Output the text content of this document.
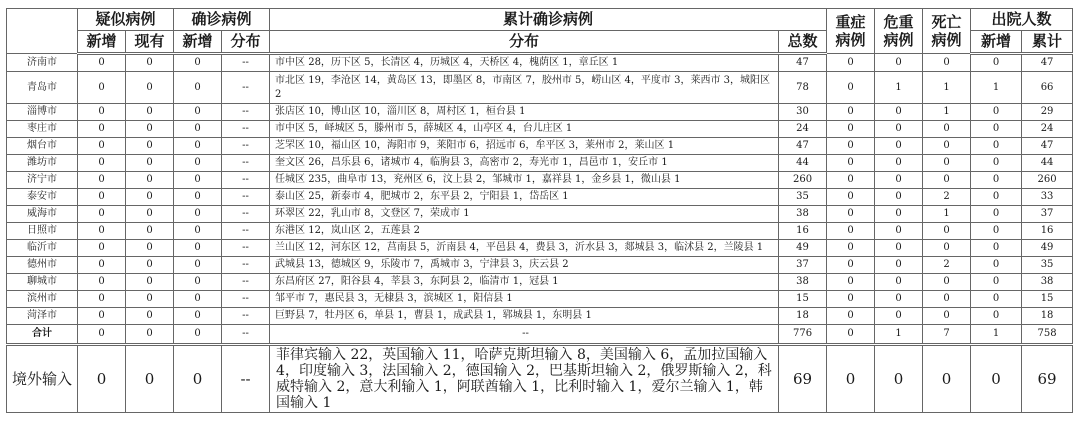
	疑似病例		确诊病例		累计确诊病例		重症病例	危重病例	死亡病例	出院人数	
	新增	现有	新增	分布	分布	总数				新增	累计
济南市	0	0	0	--	市中区 28，历下区 5，长清区 4，历城区 4，天桥区 4，槐荫区 1，章丘区 1	47	0	0	0	0	47
青岛市	0	0	0	--	市北区 19，李沧区 14，黄岛区 13，即墨区 8，市南区 7，胶州市 5，崂山区 4，平度市 3，莱西市 3，城阳区 2	78	0	1	1	1	66
淄博市	0	0	0	--	张店区 10，博山区 10，淄川区 8，周村区 1，桓台县 1	30	0	0	1	0	29
枣庄市	0	0	0	--	市中区 5，峄城区 5，滕州市 5，薛城区 4，山亭区 4，台儿庄区 1	24	0	0	0	0	24
烟台市	0	0	0	--	芝罘区 10，福山区 10，海阳市 9，莱阳市 6，招远市 6，牟平区 3，莱州市 2，莱山区 1	47	0	0	0	0	47
潍坊市	0	0	0	--	奎文区 26，昌乐县 6，诸城市 4，临朐县 3，高密市 2，寿光市 1，昌邑市 1，安丘市 1	44	0	0	0	0	44
济宁市	0	0	0	--	任城区 235，曲阜市 13，兖州区 6，汶上县 2，邹城市 1，嘉祥县 1，金乡县 1，微山县 1	260	0	0	0	0	260
泰安市	0	0	0	--	泰山区 25，新泰市 4，肥城市 2，东平县 2，宁阳县 1，岱岳区 1	35	0	0	2	0	33
威海市	0	0	0	--	环翠区 22，乳山市 8，文登区 7，荣成市 1	38	0	0	1	0	37
日照市	0	0	0	--	东港区 12，岚山区 2，五莲县 2	16	0	0	0	0	16
临沂市	0	0	0	--	兰山区 12，河东区 12，莒南县 5，沂南县 4，平邑县 4，费县 3，沂水县 3，郯城县 3，临沭县 2，兰陵县 1	49	0	0	0	0	49
德州市	0	0	0	--	武城县 13，德城区 9，乐陵市 7，禹城市 3，宁津县 3，庆云县 2	37	0	0	2	0	35
聊城市	0	0	0	--	东昌府区 27，阳谷县 4，莘县 3，东阿县 2，临清市 1，冠县 1	38	0	0	0	0	38
滨州市	0	0	0	--	邹平市 7，惠民县 3，无棣县 3，滨城区 1，阳信县 1	15	0	0	0	0	15
菏泽市	0	0	0	--	巨野县 7，牡丹区 6，单县 1，曹县 1，成武县 1，郓城县 1，东明县 1	18	0	0	0	0	18
合计	0	0	0	--	--	776	0	1	7	1	758
境外输入	0	0	0	--	菲律宾输入 22，英国输入 11，哈萨克斯坦输入 8，美国输入 6，孟加拉国输入 4，印度输入 3，法国输入 2，德国输入 2，巴基斯坦输入 2，俄罗斯输入 2，科威特输入 2，意大利输入 1，阿联酋输入 1，比利时输入 1，爱尔兰输入 1，韩国输入 1	69	0	0	0	0	69
